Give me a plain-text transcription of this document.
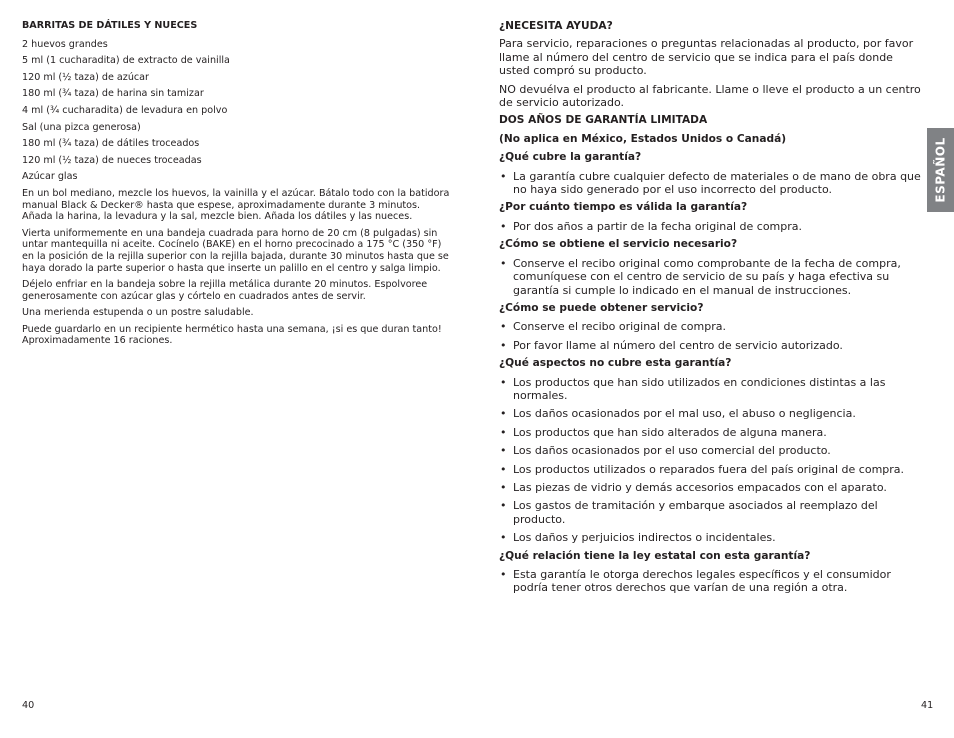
BARRITAS DE DÁTILES Y NUECES

2 huevos grandes

5 ml (1 cucharadita) de extracto de vainilla

120 ml (½ taza) de azúcar

180 ml (¾ taza) de harina sin tamizar

4 ml (¾ cucharadita) de levadura en polvo

Sal (una pizca generosa)

180 ml (¾ taza) de dátiles troceados

120 ml (½ taza) de nueces troceadas

Azúcar glas

En un bol mediano, mezcle los huevos, la vainilla y el azúcar. Bátalo todo con la batidora manual Black & Decker® hasta que espese, aproximadamente durante 3 minutos. Añada la harina, la levadura y la sal, mezcle bien. Añada los dátiles y las nueces.

Vierta uniformemente en una bandeja cuadrada para horno de 20 cm (8 pulgadas) sin untar mantequilla ni aceite. Cocínelo (BAKE) en el horno precocinado a 175 °C (350 °F) en la posición de la rejilla superior con la rejilla bajada, durante 30 minutos hasta que se haya dorado la parte superior o hasta que inserte un palillo en el centro y salga limpio.

Déjelo enfriar en la bandeja sobre la rejilla metálica durante 20 minutos. Espolvoree generosamente con azúcar glas y córtelo en cuadrados antes de servir.

Una merienda estupenda o un postre saludable.

Puede guardarlo en un recipiente hermético hasta una semana, ¡si es que duran tanto! Aproximadamente 16 raciones.

¿NECESITA AYUDA?

Para servicio, reparaciones o preguntas relacionadas al producto, por favor llame al número del centro de servicio que se indica para el país donde usted compró su producto.

NO devuélva el producto al fabricante. Llame o lleve el producto a un centro de servicio autorizado.

DOS AÑOS DE GARANTÍA LIMITADA
(No aplica en México, Estados Unidos o Canadá)
¿Qué cubre la garantía?
• La garantía cubre cualquier defecto de materiales o de mano de obra que no haya sido generado por el uso incorrecto del producto.
¿Por cuánto tiempo es válida la garantía?
• Por dos años a partir de la fecha original de compra.
¿Cómo se obtiene el servicio necesario?
• Conserve el recibo original como comprobante de la fecha de compra, comuníquese con el centro de servicio de su país y haga efectiva su garantía si cumple lo indicado en el manual de instrucciones.
¿Cómo se puede obtener servicio?
• Conserve el recibo original de compra.
• Por favor llame al número del centro de servicio autorizado.
¿Qué aspectos no cubre esta garantía?
• Los productos que han sido utilizados en condiciones distintas a las normales.
• Los daños ocasionados por el mal uso, el abuso o negligencia.
• Los productos que han sido alterados de alguna manera.
• Los daños ocasionados por el uso comercial del producto.
• Los productos utilizados o reparados fuera del país original de compra.
• Las piezas de vidrio y demás accesorios empacados con el aparato.
• Los gastos de tramitación y embarque asociados al reemplazo del producto.
• Los daños y perjuicios indirectos o incidentales.
¿Qué relación tiene la ley estatal con esta garantía?
• Esta garantía le otorga derechos legales específicos y el consumidor podría tener otros derechos que varían de una región a otra.
ESPAÑOL
40	41
